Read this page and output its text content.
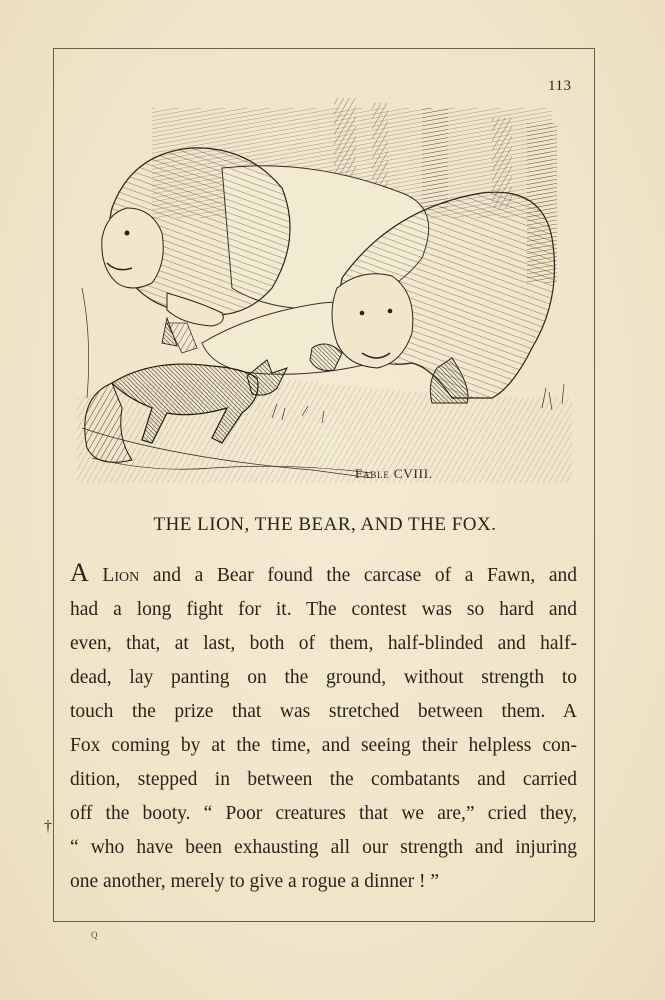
113
Fable CVIII.
THE LION, THE BEAR, AND THE FOX.
A Lion and a Bear found the carcase of a Fawn, and
had a long fight for it. The contest was so hard and
even, that, at last, both of them, half-blinded and half-
dead, lay panting on the ground, without strength to
touch the prize that was stretched between them. A
Fox coming by at the time, and seeing their helpless con-
dition, stepped in between the combatants and carried
off the booty. “ Poor creatures that we are,” cried they,
“ who have been exhausting all our strength and injuring
one another, merely to give a rogue a dinner ! ”
†
Q
